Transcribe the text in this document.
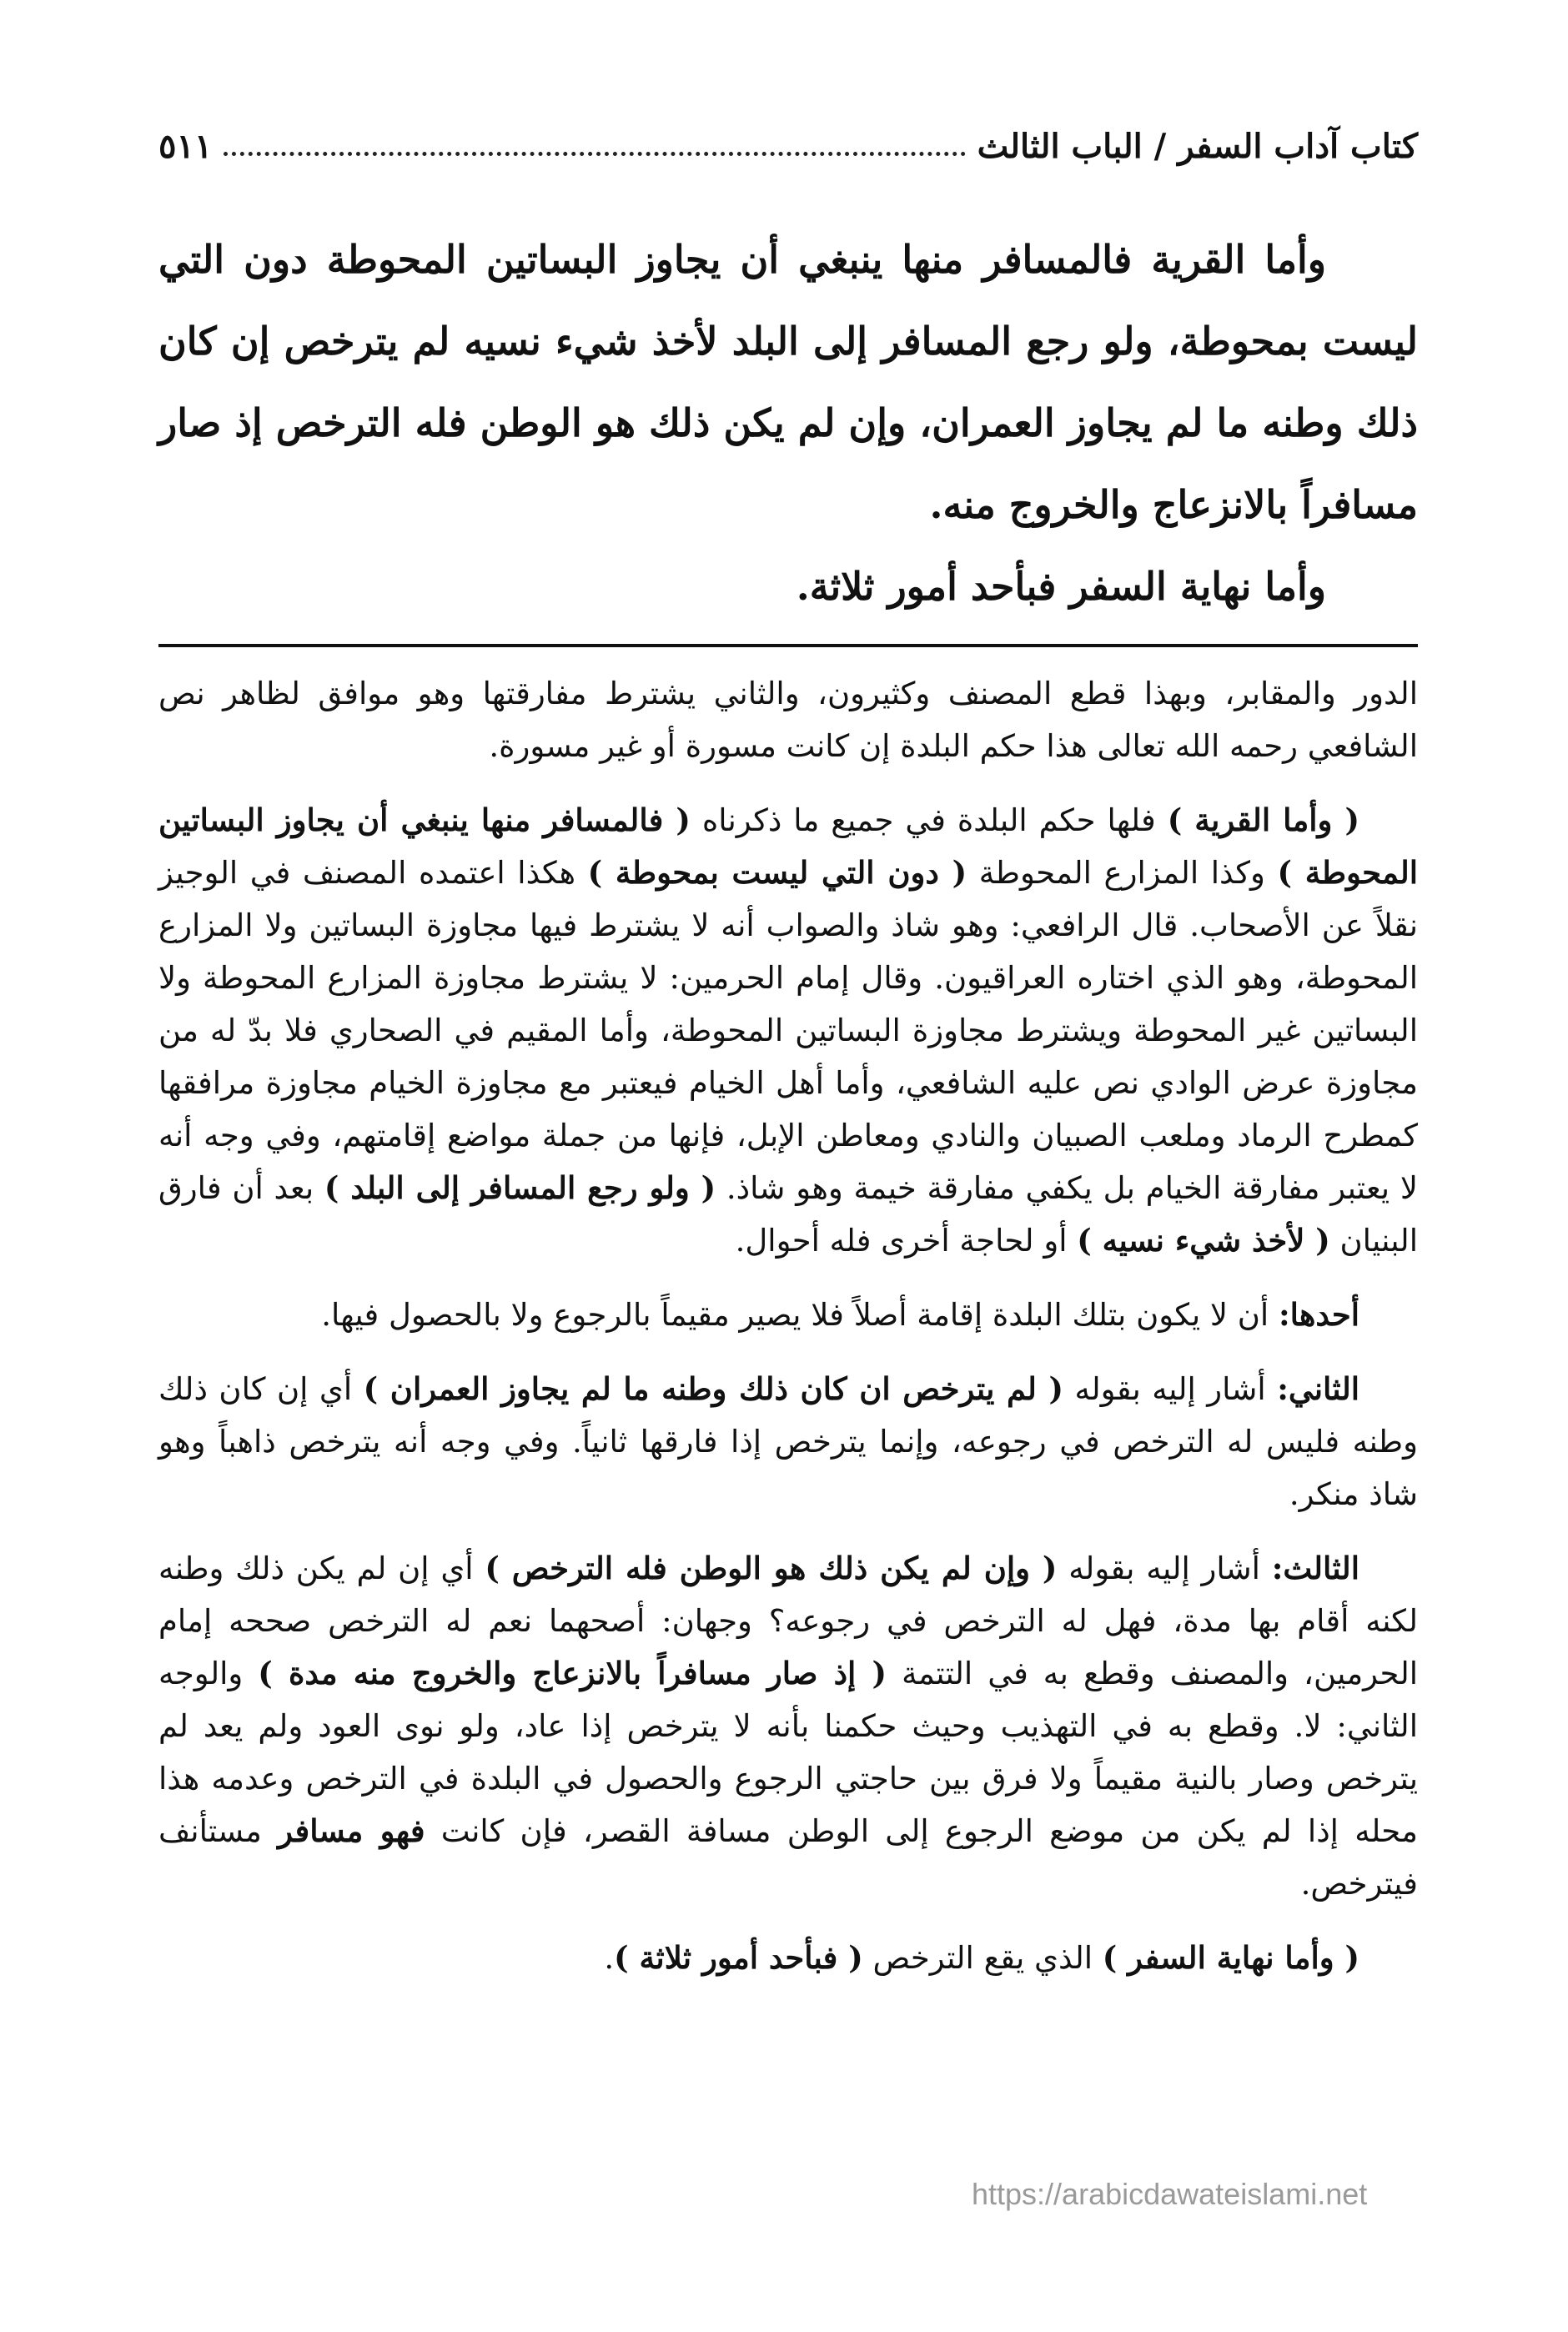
٥١١	كتاب آداب السفر / الباب الثالث

وأما القرية فالمسافر منها ينبغي أن يجاوز البساتين المحوطة دون التي ليست بمحوطة، ولو رجع المسافر إلى البلد لأخذ شيء نسيه لم يترخص إن كان ذلك وطنه ما لم يجاوز العمران، وإن لم يكن ذلك هو الوطن فله الترخص إذ صار مسافراً بالانزعاج والخروج منه.

وأما نهاية السفر فبأحد أمور ثلاثة.

الدور والمقابر، وبهذا قطع المصنف وكثيرون، والثاني يشترط مفارقتها وهو موافق لظاهر نص الشافعي رحمه الله تعالى هذا حكم البلدة إن كانت مسورة أو غير مسورة.

( وأما القرية ) فلها حكم البلدة في جميع ما ذكرناه ( فالمسافر منها ينبغي أن يجاوز البساتين المحوطة ) وكذا المزارع المحوطة ( دون التي ليست بمحوطة ) هكذا اعتمده المصنف في الوجيز نقلاً عن الأصحاب. قال الرافعي: وهو شاذ والصواب أنه لا يشترط فيها مجاوزة البساتين ولا المزارع المحوطة، وهو الذي اختاره العراقيون. وقال إمام الحرمين: لا يشترط مجاوزة المزارع المحوطة ولا البساتين غير المحوطة ويشترط مجاوزة البساتين المحوطة، وأما المقيم في الصحاري فلا بدّ له من مجاوزة عرض الوادي نص عليه الشافعي، وأما أهل الخيام فيعتبر مع مجاوزة الخيام مجاوزة مرافقها كمطرح الرماد وملعب الصبيان والنادي ومعاطن الإبل، فإنها من جملة مواضع إقامتهم، وفي وجه أنه لا يعتبر مفارقة الخيام بل يكفي مفارقة خيمة وهو شاذ. ( ولو رجع المسافر إلى البلد ) بعد أن فارق البنيان ( لأخذ شيء نسيه ) أو لحاجة أخرى فله أحوال.

أحدها: أن لا يكون بتلك البلدة إقامة أصلاً فلا يصير مقيماً بالرجوع ولا بالحصول فيها.

الثاني: أشار إليه بقوله ( لم يترخص ان كان ذلك وطنه ما لم يجاوز العمران ) أي إن كان ذلك وطنه فليس له الترخص في رجوعه، وإنما يترخص إذا فارقها ثانياً. وفي وجه أنه يترخص ذاهباً وهو شاذ منكر.

الثالث: أشار إليه بقوله ( وإن لم يكن ذلك هو الوطن فله الترخص ) أي إن لم يكن ذلك وطنه لكنه أقام بها مدة، فهل له الترخص في رجوعه؟ وجهان: أصحهما نعم له الترخص صححه إمام الحرمين، والمصنف وقطع به في التتمة ( إذ صار مسافراً بالانزعاج والخروج منه مدة ) والوجه الثاني: لا. وقطع به في التهذيب وحيث حكمنا بأنه لا يترخص إذا عاد، ولو نوى العود ولم يعد لم يترخص وصار بالنية مقيماً ولا فرق بين حاجتي الرجوع والحصول في البلدة في الترخص وعدمه هذا محله إذا لم يكن من موضع الرجوع إلى الوطن مسافة القصر، فإن كانت فهو مسافر مستأنف فيترخص.

( وأما نهاية السفر ) الذي يقع الترخص ( فبأحد أمور ثلاثة ).

https://arabicdawateislami.net
